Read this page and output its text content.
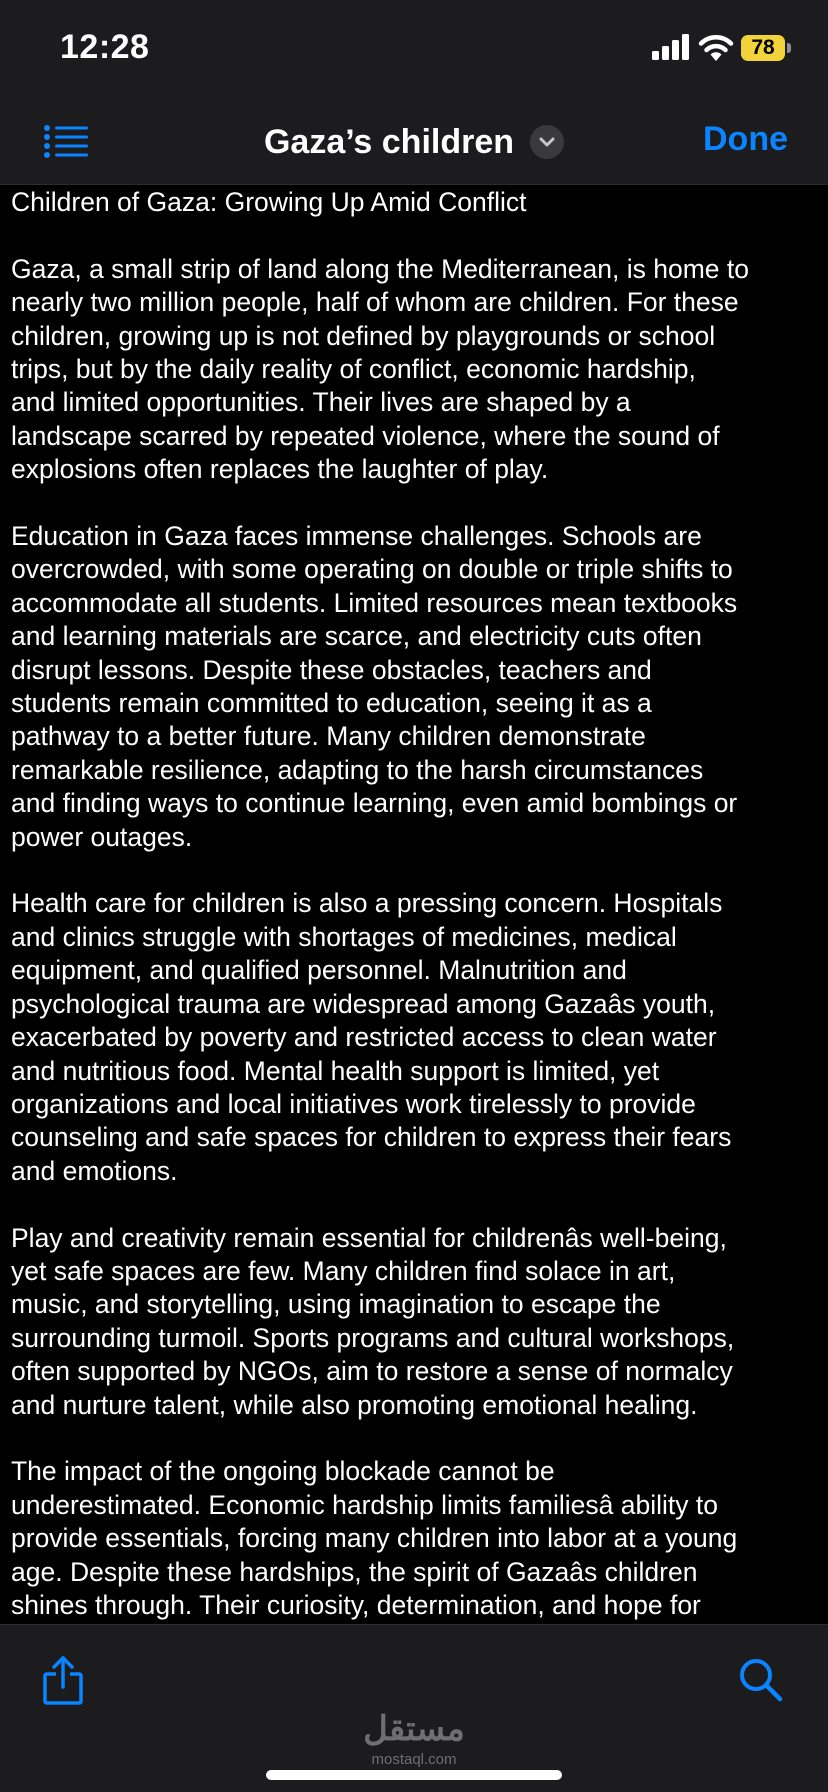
12:28	78
Gaza’s children	Done

Children of Gaza: Growing Up Amid Conflict

Gaza, a small strip of land along the Mediterranean, is home to
nearly two million people, half of whom are children. For these
children, growing up is not defined by playgrounds or school
trips, but by the daily reality of conflict, economic hardship,
and limited opportunities. Their lives are shaped by a
landscape scarred by repeated violence, where the sound of
explosions often replaces the laughter of play.

Education in Gaza faces immense challenges. Schools are
overcrowded, with some operating on double or triple shifts to
accommodate all students. Limited resources mean textbooks
and learning materials are scarce, and electricity cuts often
disrupt lessons. Despite these obstacles, teachers and
students remain committed to education, seeing it as a
pathway to a better future. Many children demonstrate
remarkable resilience, adapting to the harsh circumstances
and finding ways to continue learning, even amid bombings or
power outages.

Health care for children is also a pressing concern. Hospitals
and clinics struggle with shortages of medicines, medical
equipment, and qualified personnel. Malnutrition and
psychological trauma are widespread among Gazaâs youth,
exacerbated by poverty and restricted access to clean water
and nutritious food. Mental health support is limited, yet
organizations and local initiatives work tirelessly to provide
counseling and safe spaces for children to express their fears
and emotions.

Play and creativity remain essential for childrenâs well-being,
yet safe spaces are few. Many children find solace in art,
music, and storytelling, using imagination to escape the
surrounding turmoil. Sports programs and cultural workshops,
often supported by NGOs, aim to restore a sense of normalcy
and nurture talent, while also promoting emotional healing.

The impact of the ongoing blockade cannot be
underestimated. Economic hardship limits familiesâ ability to
provide essentials, forcing many children into labor at a young
age. Despite these hardships, the spirit of Gazaâs children
shines through. Their curiosity, determination, and hope for

مستقل
mostaql.com
